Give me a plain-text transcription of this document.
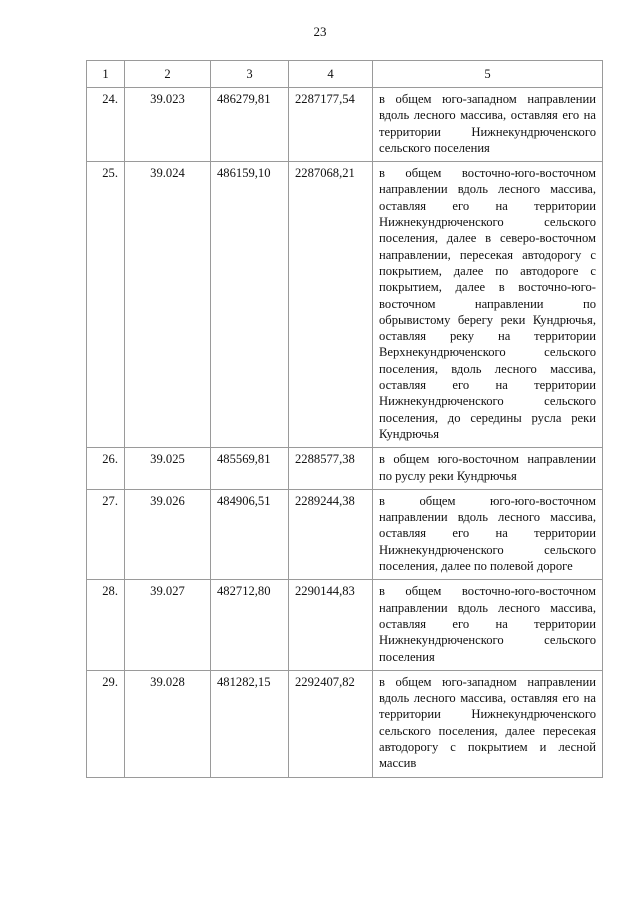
23
1	2	3	4	5
24.	39.023	486279,81	2287177,54	в общем юго-западном направлении вдоль лесного массива, оставляя его на территории Нижнекундрюченского сельского поселения
25.	39.024	486159,10	2287068,21	в общем восточно-юго-восточном направлении вдоль лесного массива, оставляя его на территории Нижнекундрюченского сельского поселения, далее в северо-восточном направлении, пересекая автодорогу с покрытием, далее по автодороге с покрытием, далее в восточно-юго-восточном направлении по обрывистому берегу реки Кундрючья, оставляя реку на территории Верхнекундрюченского сельского поселения, вдоль лесного массива, оставляя его на территории Нижнекундрюченского сельского поселения, до середины русла реки Кундрючья
26.	39.025	485569,81	2288577,38	в общем юго-восточном направлении по руслу реки Кундрючья
27.	39.026	484906,51	2289244,38	в общем юго-юго-восточном направлении вдоль лесного массива, оставляя его на территории Нижнекундрюченского сельского поселения, далее по полевой дороге
28.	39.027	482712,80	2290144,83	в общем восточно-юго-восточном направлении вдоль лесного массива, оставляя его на территории Нижнекундрюченского сельского поселения
29.	39.028	481282,15	2292407,82	в общем юго-западном направлении вдоль лесного массива, оставляя его на территории Нижнекундрюченского сельского поселения, далее пересекая автодорогу с покрытием и лесной массив
